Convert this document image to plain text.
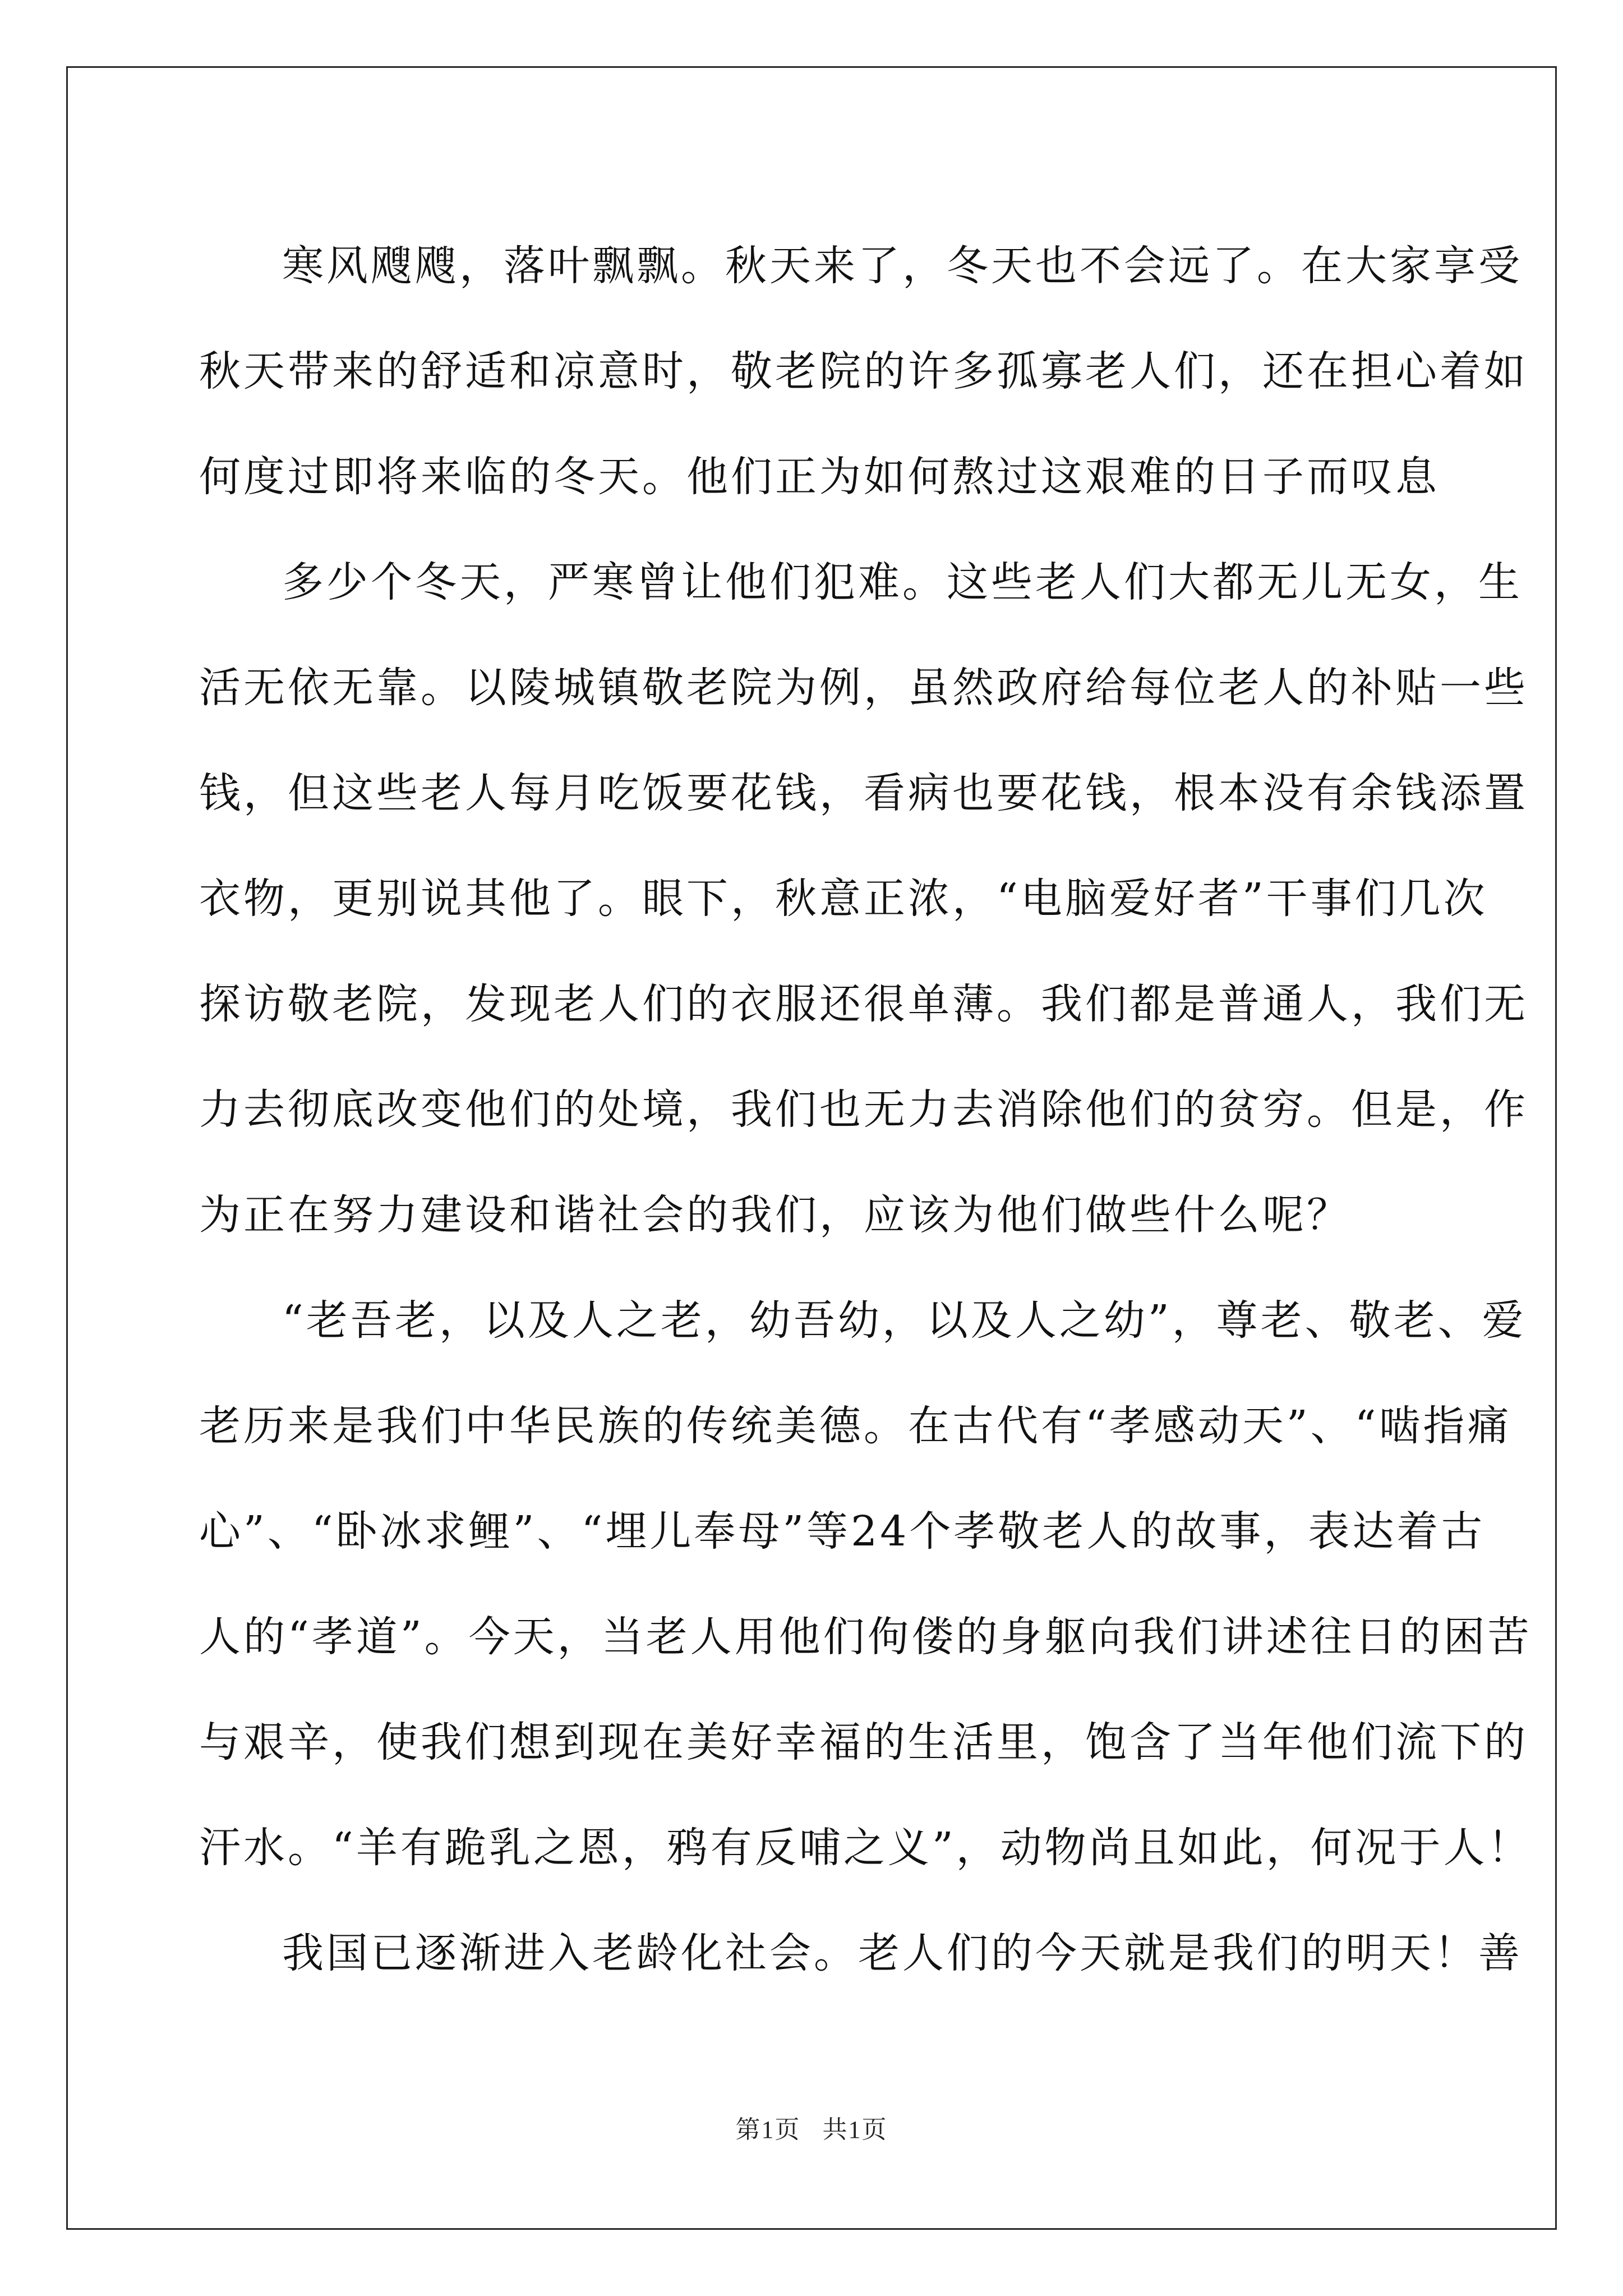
寒风飕飕，落叶飘飘。秋天来了，冬天也不会远了。在大家享受
秋天带来的舒适和凉意时，敬老院的许多孤寡老人们，还在担心着如
何度过即将来临的冬天。他们正为如何熬过这艰难的日子而叹息
多少个冬天，严寒曾让他们犯难。这些老人们大都无儿无女，生
活无依无靠。以陵城镇敬老院为例，虽然政府给每位老人的补贴一些
钱，但这些老人每月吃饭要花钱，看病也要花钱，根本没有余钱添置
衣物，更别说其他了。眼下，秋意正浓，“电脑爱好者”干事们几次
探访敬老院，发现老人们的衣服还很单薄。我们都是普通人，我们无
力去彻底改变他们的处境，我们也无力去消除他们的贫穷。但是，作
为正在努力建设和谐社会的我们，应该为他们做些什么呢？
“老吾老，以及人之老，幼吾幼，以及人之幼”，尊老、敬老、爱
老历来是我们中华民族的传统美德。在古代有“孝感动天”、“啮指痛
心”、“卧冰求鲤”、“埋儿奉母”等24个孝敬老人的故事，表达着古
人的“孝道”。今天，当老人用他们佝偻的身躯向我们讲述往日的困苦
与艰辛，使我们想到现在美好幸福的生活里，饱含了当年他们流下的
汗水。“羊有跪乳之恩，鸦有反哺之义”，动物尚且如此，何况于人！
我国已逐渐进入老龄化社会。老人们的今天就是我们的明天！善
第1页   共1页
